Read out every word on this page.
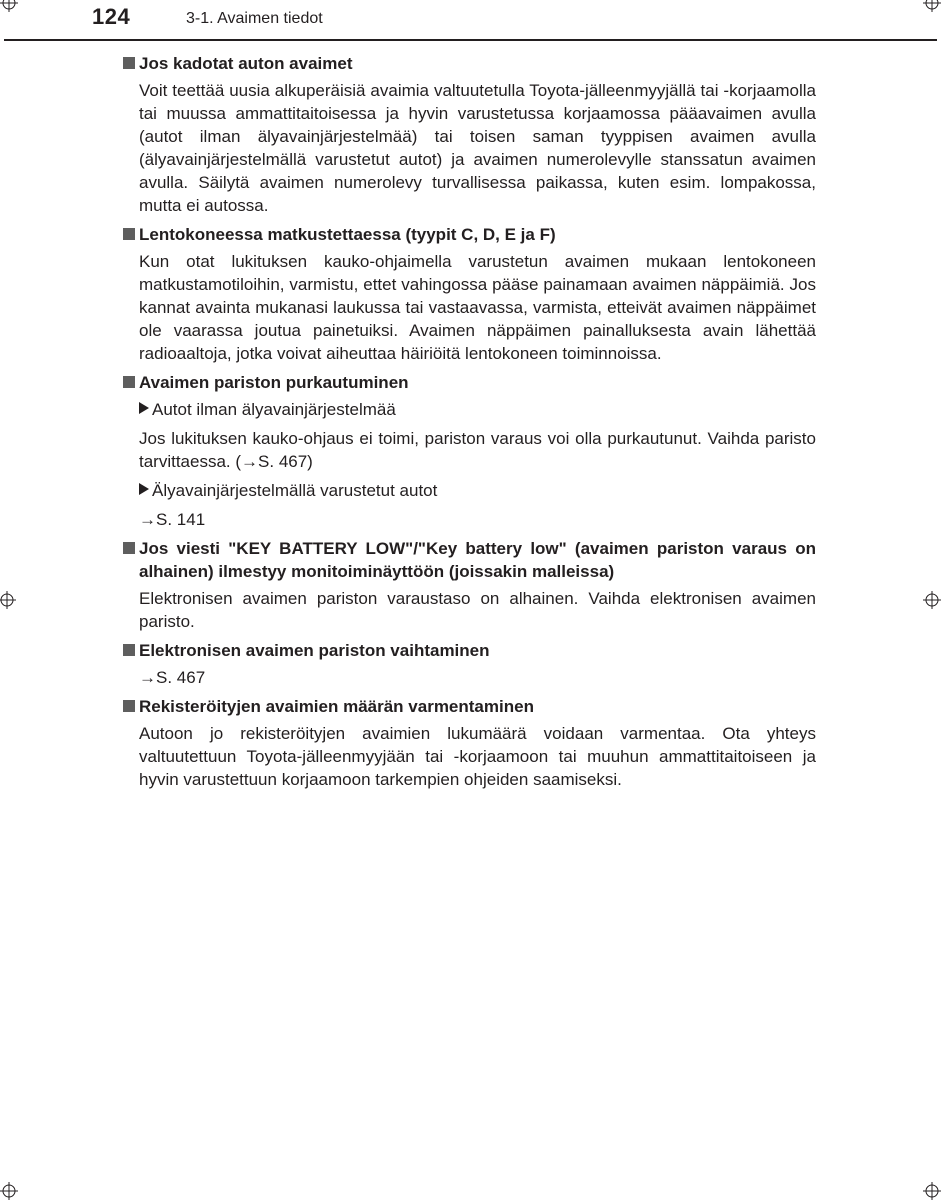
124	3-1. Avaimen tiedot
Jos kadotat auton avaimet
Voit teettää uusia alkuperäisiä avaimia valtuutetulla Toyota-jälleenmyyjällä tai -korjaamolla tai muussa ammattitaitoisessa ja hyvin varustetussa korjaamossa pääavaimen avulla (autot ilman älyavainjärjestelmää) tai toisen saman tyyppisen avaimen avulla (älyavainjärjestelmällä varustetut autot) ja avaimen numerolevylle stanssatun avaimen avulla. Säilytä avaimen numerolevy turvallisessa paikassa, kuten esim. lompakossa, mutta ei autossa.
Lentokoneessa matkustettaessa (tyypit C, D, E ja F)
Kun otat lukituksen kauko-ohjaimella varustetun avaimen mukaan lentokoneen matkustamotiloihin, varmistu, ettet vahingossa pääse painamaan avaimen näppäimiä. Jos kannat avainta mukanasi laukussa tai vastaavassa, varmista, etteivät avaimen näppäimet ole vaarassa joutua painetuiksi. Avaimen näppäimen painalluksesta avain lähettää radioaaltoja, jotka voivat aiheuttaa häiriöitä lentokoneen toiminnoissa.
Avaimen pariston purkautuminen
Autot ilman älyavainjärjestelmää
Jos lukituksen kauko-ohjaus ei toimi, pariston varaus voi olla purkautunut. Vaihda paristo tarvittaessa. (→S. 467)
Älyavainjärjestelmällä varustetut autot
→S. 141
Jos viesti "KEY BATTERY LOW"/"Key battery low" (avaimen pariston varaus on alhainen) ilmestyy monitoiminäyttöön (joissakin malleissa)
Elektronisen avaimen pariston varaustaso on alhainen. Vaihda elektronisen avaimen paristo.
Elektronisen avaimen pariston vaihtaminen
→S. 467
Rekisteröityjen avaimien määrän varmentaminen
Autoon jo rekisteröityjen avaimien lukumäärä voidaan varmentaa. Ota yhteys valtuutettuun Toyota-jälleenmyyjään tai -korjaamoon tai muuhun ammattitaitoiseen ja hyvin varustettuun korjaamoon tarkempien ohjeiden saamiseksi.
